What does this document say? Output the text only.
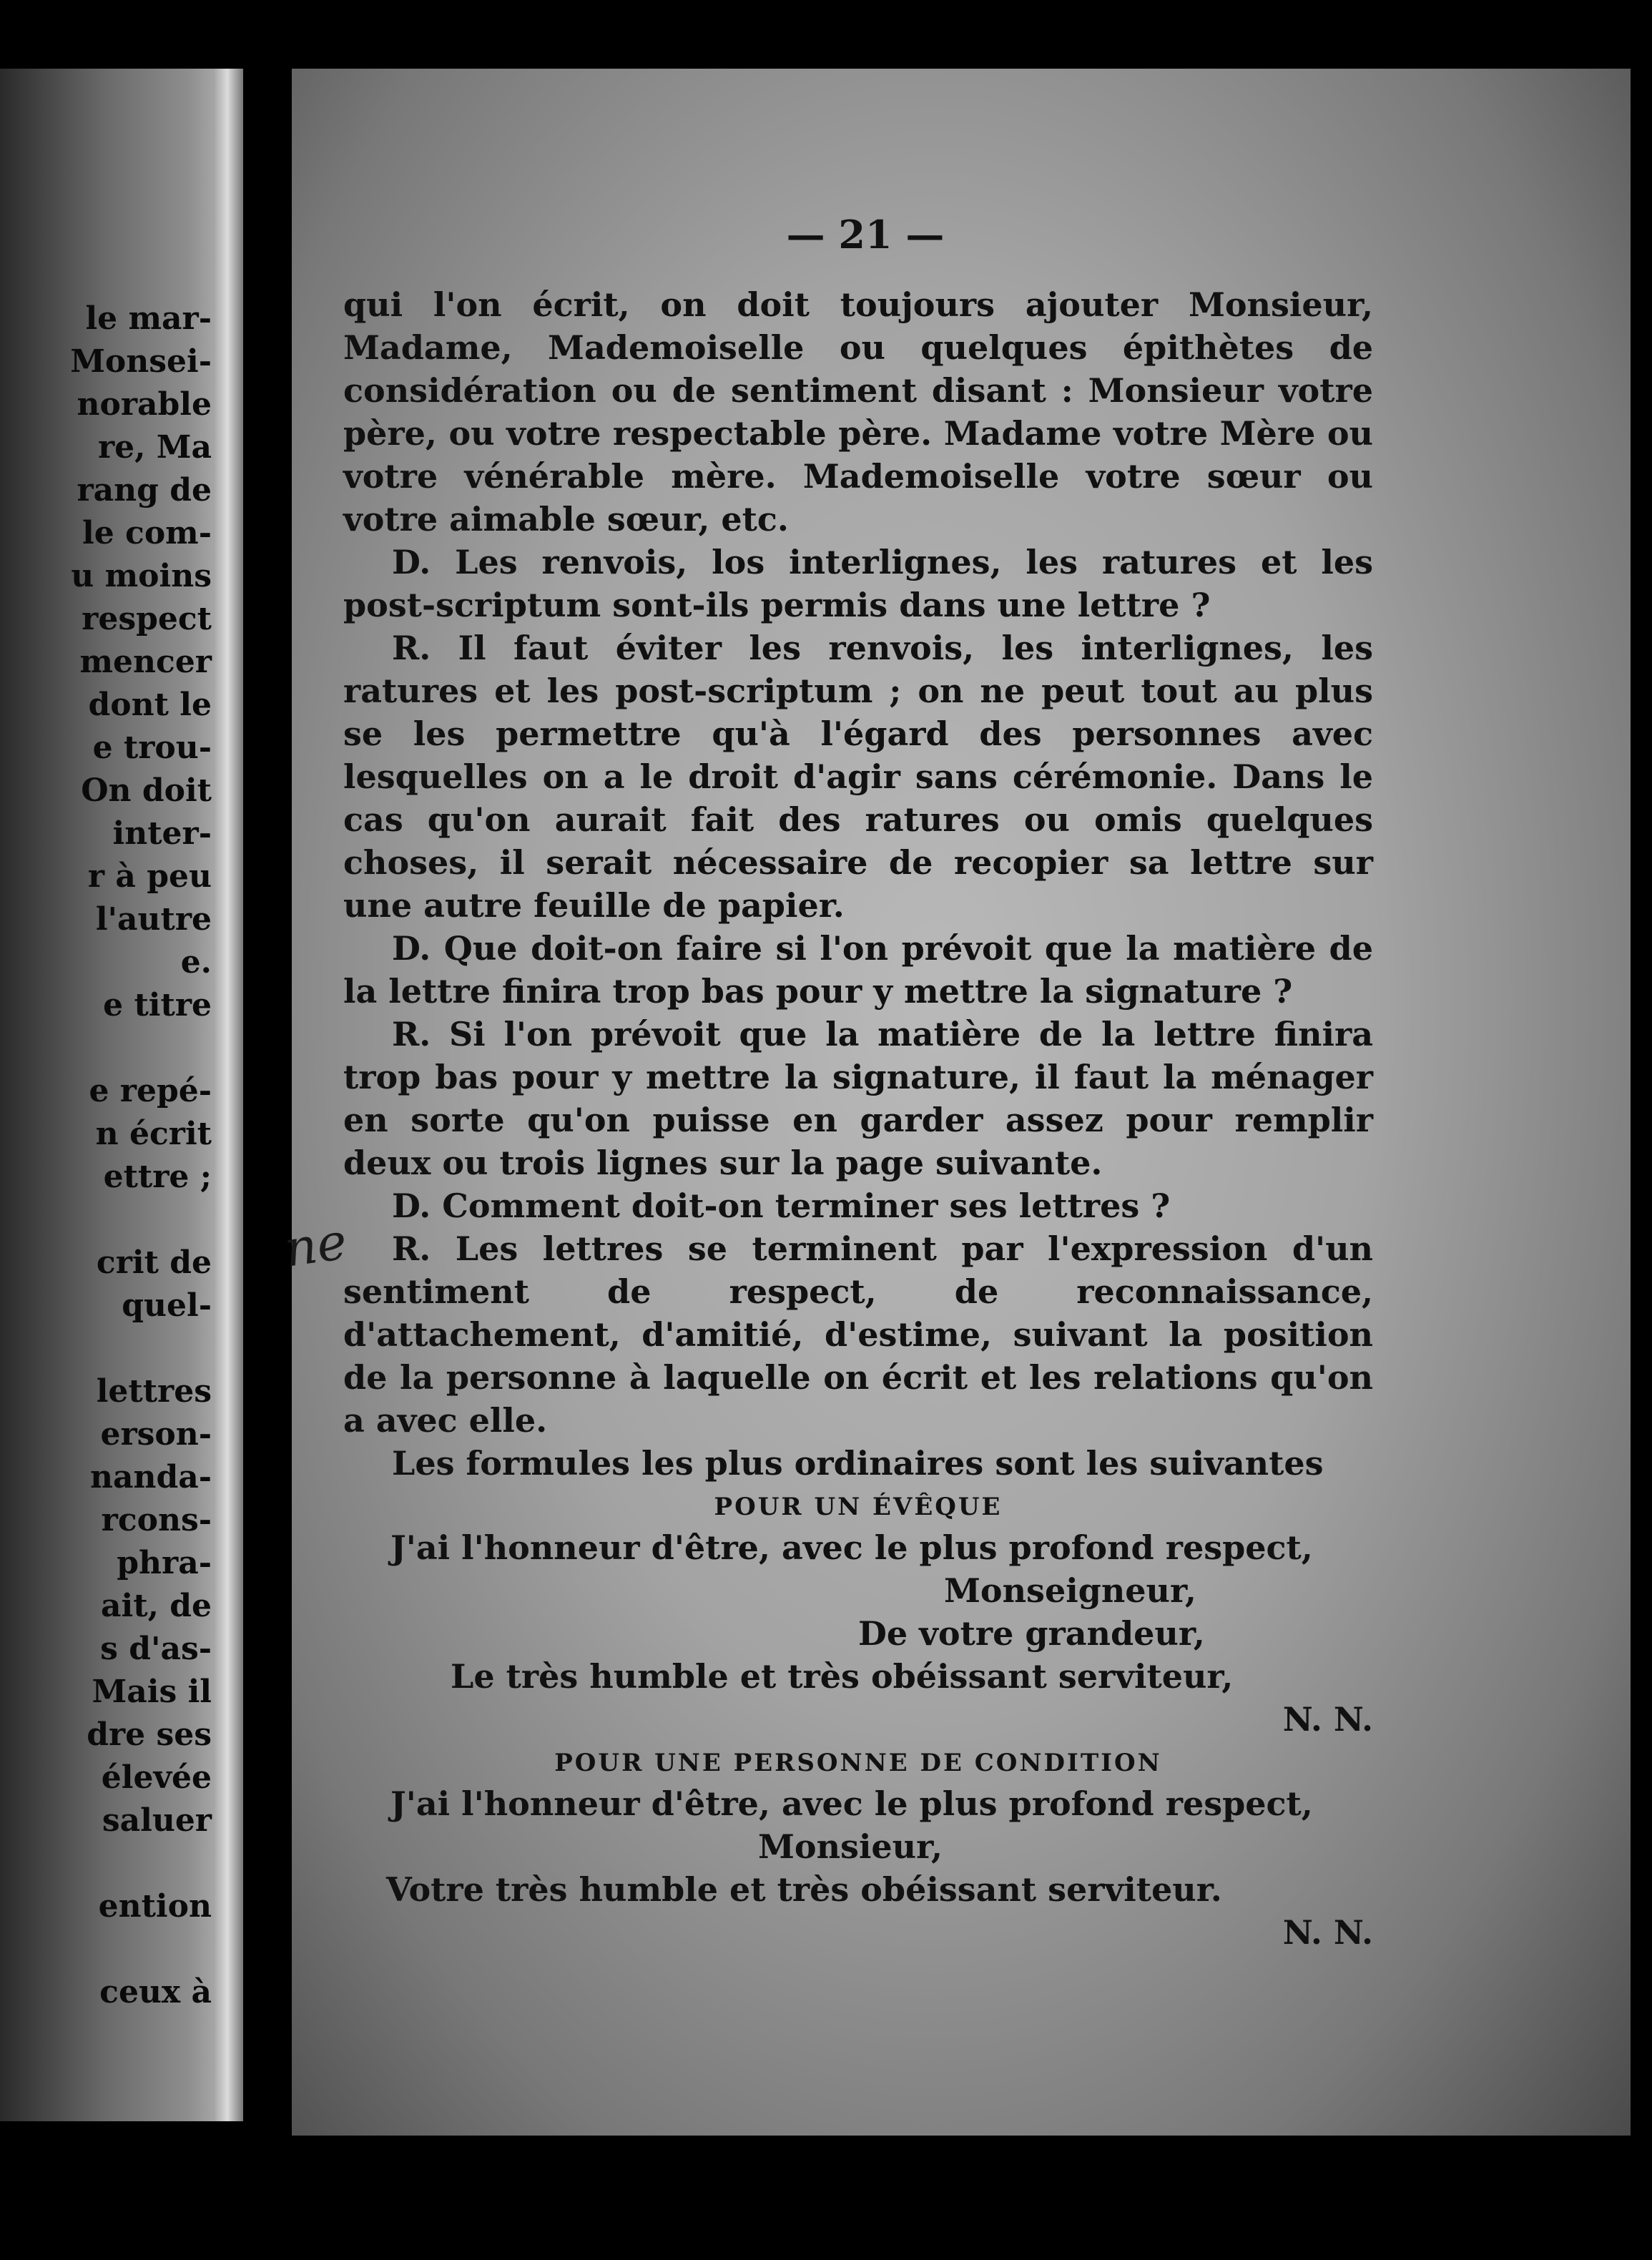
le mar-
Monsei-
norable
re, Ma
rang de
le com-
u moins
respect
mencer
dont le
e trou-
On doit
inter-
r à peu
l'autre
e.
e titre
e repé-
n écrit
ettre ;
crit de
quel-
lettres
erson-
nanda-
rcons-
phra-
ait, de
s d'as-
Mais il
dre ses
élevée
saluer
ention
ceux à
— 21 —

qui l'on écrit, on doit toujours ajouter Monsieur, Madame, Mademoiselle ou quelques épithètes de considération ou de sentiment disant : Monsieur votre père, ou votre respectable père. Madame votre Mère ou votre vénérable mère. Mademoiselle votre sœur ou votre aimable sœur, etc.

D. Les renvois, los interlignes, les ratures et les post-scriptum sont-ils permis dans une lettre ?

R. Il faut éviter les renvois, les interlignes, les ratures et les post-scriptum ; on ne peut tout au plus se les permettre qu'à l'égard des personnes avec lesquelles on a le droit d'agir sans cérémonie. Dans le cas qu'on aurait fait des ratures ou omis quelques choses, il serait nécessaire de recopier sa lettre sur une autre feuille de papier.

D. Que doit-on faire si l'on prévoit que la matière de la lettre finira trop bas pour y mettre la signature ?

R. Si l'on prévoit que la matière de la lettre finira trop bas pour y mettre la signature, il faut la ménager en sorte qu'on puisse en garder assez pour remplir deux ou trois lignes sur la page suivante.

D. Comment doit-on terminer ses lettres ?

R. Les lettres se terminent par l'expression d'un sentiment de respect, de reconnaissance, d'attachement, d'amitié, d'estime, suivant la position de la personne à laquelle on écrit et les relations qu'on a avec elle.

Les formules les plus ordinaires sont les suivantes

POUR UN ÉVÊQUE

J'ai l'honneur d'être, avec le plus profond respect,

Monseigneur,

De votre grandeur,

Le très humble et très obéissant serviteur,

N. N.

POUR UNE PERSONNE DE CONDITION

J'ai l'honneur d'être, avec le plus profond respect,

Monsieur,

Votre très humble et très obéissant serviteur.

N. N.

ne
